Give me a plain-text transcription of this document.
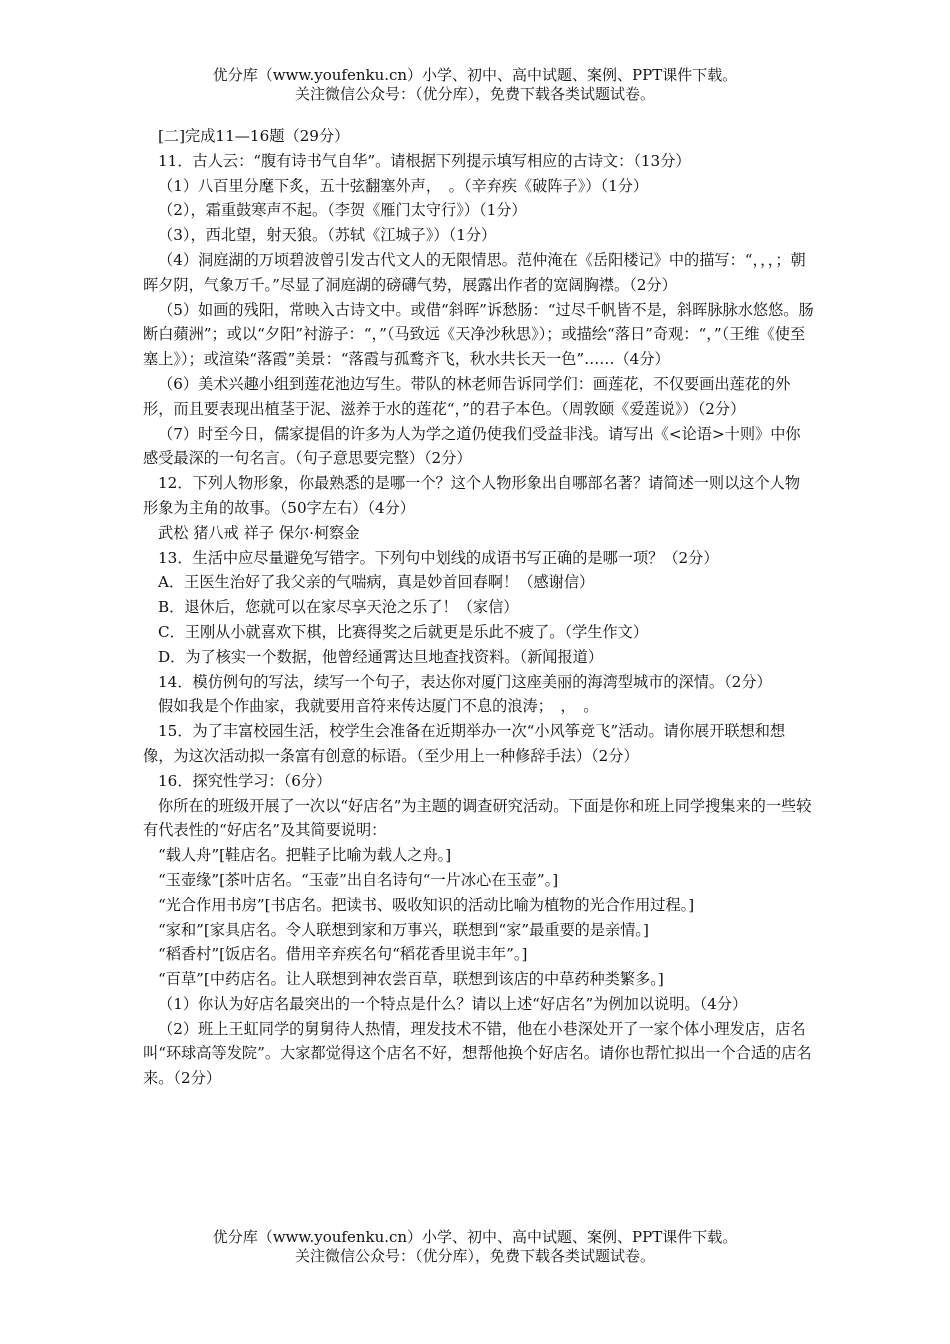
优分库（www.youfenku.cn）小学、初中、高中试题、案例、PPT课件下载。
关注微信公众号：（优分库），免费下载各类试题试卷。

[二]完成11—16题（29分）

11．古人云：“腹有诗书气自华”。请根据下列提示填写相应的古诗文：（13分）

（1）八百里分麾下炙，五十弦翻塞外声，　。（辛弃疾《破阵子》）（1分）

（2），霜重鼓寒声不起。（李贺《雁门太守行》）（1分）

（3），西北望，射天狼。（苏轼《江城子》）（1分）

（4）洞庭湖的万顷碧波曾引发古代文人的无限情思。范仲淹在《岳阳楼记》中的描写：“，，，；朝晖夕阴，气象万千。”尽显了洞庭湖的磅礴气势，展露出作者的宽阔胸襟。（2分）

（5）如画的残阳，常映入古诗文中。或借“斜晖”诉愁肠：“过尽千帆皆不是，斜晖脉脉水悠悠。肠断白蘋洲”；或以“夕阳”衬游子：“，”（马致远《天净沙秋思》）；或描绘“落日”奇观：“，”（王维《使至塞上》）；或渲染“落霞”美景：“落霞与孤鹜齐飞，秋水共长天一色”……（4分）

（6）美术兴趣小组到莲花池边写生。带队的林老师告诉同学们：画莲花，不仅要画出莲花的外形，而且要表现出植茎于泥、滋养于水的莲花“，”的君子本色。（周敦颐《爱莲说》）（2分）

（7）时至今日，儒家提倡的许多为人为学之道仍使我们受益非浅。请写出《<论语>十则》中你感受最深的一句名言。（句子意思要完整）（2分）

12．下列人物形象，你最熟悉的是哪一个？这个人物形象出自哪部名著？请简述一则以这个人物形象为主角的故事。（50字左右）（4分）

武松 猪八戒 祥子 保尔·柯察金

13．生活中应尽量避免写错字。下列句中划线的成语书写正确的是哪一项？（2分）

A．王医生治好了我父亲的气喘病，真是妙首回春啊！（感谢信）

B．退休后，您就可以在家尽享天沧之乐了！（家信）

C．王刚从小就喜欢下棋，比赛得奖之后就更是乐此不疲了。（学生作文）

D．为了核实一个数据，他曾经通霄达旦地查找资料。（新闻报道）

14．模仿例句的写法，续写一个句子，表达你对厦门这座美丽的海湾型城市的深情。（2分）

假如我是个作曲家，我就要用音符来传达厦门不息的浪涛；　，　。

15．为了丰富校园生活，校学生会准备在近期举办一次“小风筝竞飞”活动。请你展开联想和想像，为这次活动拟一条富有创意的标语。（至少用上一种修辞手法）（2分）

16．探究性学习：（6分）

你所在的班级开展了一次以“好店名”为主题的调查研究活动。下面是你和班上同学搜集来的一些较有代表性的“好店名”及其简要说明：

“载人舟”[鞋店名。把鞋子比喻为载人之舟。]

“玉壶缘”[茶叶店名。“玉壶”出自名诗句“一片冰心在玉壶”。]

“光合作用书房”[书店名。把读书、吸收知识的活动比喻为植物的光合作用过程。]

“家和”[家具店名。令人联想到家和万事兴，联想到“家”最重要的是亲情。]

“稻香村”[饭店名。借用辛弃疾名句“稻花香里说丰年”。]

“百草”[中药店名。让人联想到神农尝百草，联想到该店的中草药种类繁多。]

（1）你认为好店名最突出的一个特点是什么？请以上述“好店名”为例加以说明。（4分）

（2）班上王虹同学的舅舅待人热情，理发技术不错，他在小巷深处开了一家个体小理发店，店名叫“环球高等发院”。大家都觉得这个店名不好，想帮他换个好店名。请你也帮忙拟出一个合适的店名来。（2分）

优分库（www.youfenku.cn）小学、初中、高中试题、案例、PPT课件下载。
关注微信公众号：（优分库），免费下载各类试题试卷。
